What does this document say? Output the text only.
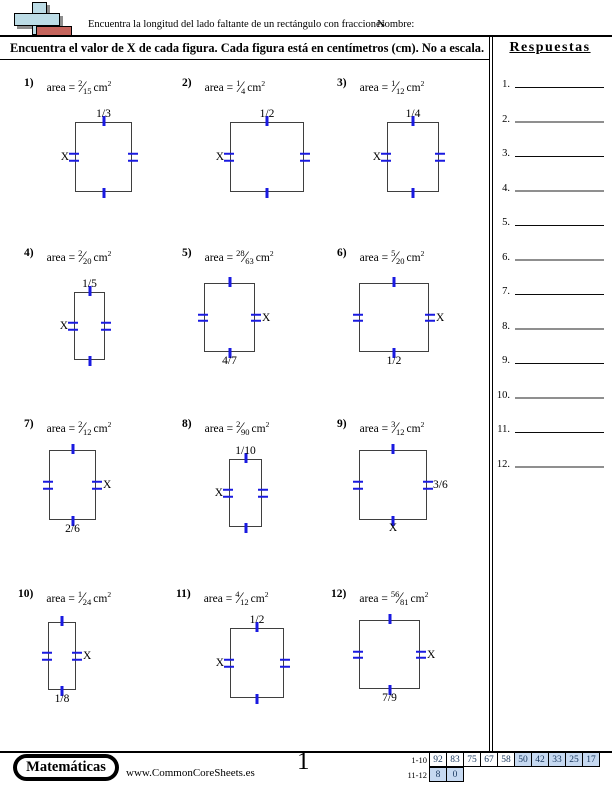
Encuentra la longitud del lado faltante de un rectángulo con fracciones
Nombre:
Encuentra el valor de X de cada figura. Cada figura está en centímetros (cm). No a escala.	Respuestas
1.
2.
3.
4.
5.
6.
7.
8.
9.
10.
11.
12.
1) area = $^2⁄_{15}$ $cm^2$
1/3
X
2) area = $^1⁄_4$ $cm^2$
1/2
X
3) area = $^1⁄_{12}$ $cm^2$
1/4
X
4) area = $^2⁄_{20}$ $cm^2$
1/5
X
5) area = $^{28}⁄_{63}$ $cm^2$
4/7
X
6) area = $^5⁄_{20}$ $cm^2$
1/2
X
7) area = $^2⁄_{12}$ $cm^2$
2/6
X
8) area = $^2⁄_{90}$ $cm^2$
1/10
X
9) area = $^3⁄_{12}$ $cm^2$
3/6
X
10) area = $^1⁄_{24}$ $cm^2$
1/8
X
11) area = $^4⁄_{12}$ $cm^2$
1/2
X
12) area = $^{56}⁄_{81}$ $cm^2$
7/9
X
Matemáticas	www.CommonCoreSheets.es 1	1-10 92 83 75 67 58 50 42 33 25 17
11-12 8	0
